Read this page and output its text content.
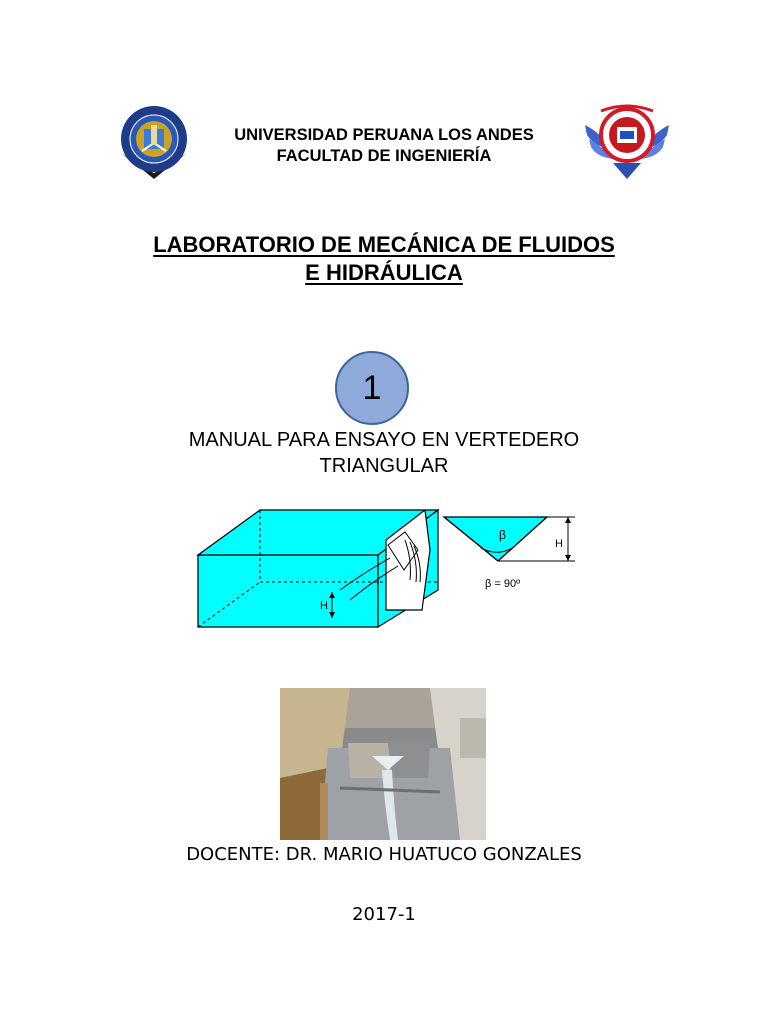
UNIVERSIDAD PERUANA LOS ANDES
FACULTAD DE INGENIERÍA
LABORATORIO DE MECÁNICA DE FLUIDOS
E HIDRÁULICA
1
MANUAL PARA ENSAYO EN VERTEDERO
TRIANGULAR
H
β
H
β = 90º
DOCENTE: DR. MARIO HUATUCO GONZALES
2017-1
